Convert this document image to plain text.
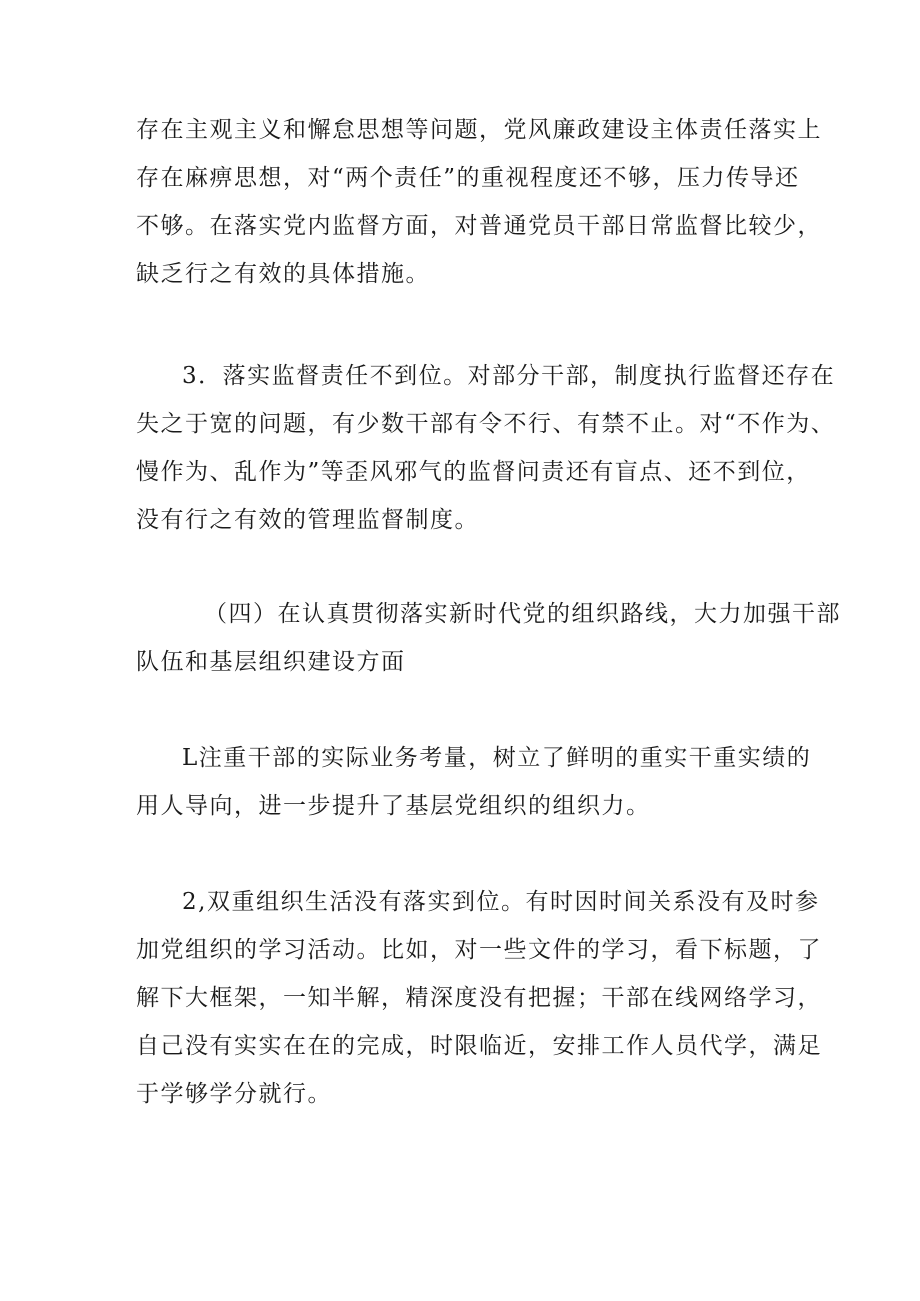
存在主观主义和懈怠思想等问题，党风廉政建设主体责任落实上
存在麻痹思想，对“两个责任”的重视程度还不够，压力传导还
不够。在落实党内监督方面，对普通党员干部日常监督比较少，
缺乏行之有效的具体措施。
3．落实监督责任不到位。对部分干部，制度执行监督还存在
失之于宽的问题，有少数干部有令不行、有禁不止。对“不作为、
慢作为、乱作为”等歪风邪气的监督问责还有盲点、还不到位，
没有行之有效的管理监督制度。
（四）在认真贯彻落实新时代党的组织路线，大力加强干部
队伍和基层组织建设方面
L注重干部的实际业务考量，树立了鲜明的重实干重实绩的
用人导向，进一步提升了基层党组织的组织力。
2,双重组织生活没有落实到位。有时因时间关系没有及时参
加党组织的学习活动。比如，对一些文件的学习，看下标题，了
解下大框架，一知半解，精深度没有把握；干部在线网络学习，
自己没有实实在在的完成，时限临近，安排工作人员代学，满足
于学够学分就行。
